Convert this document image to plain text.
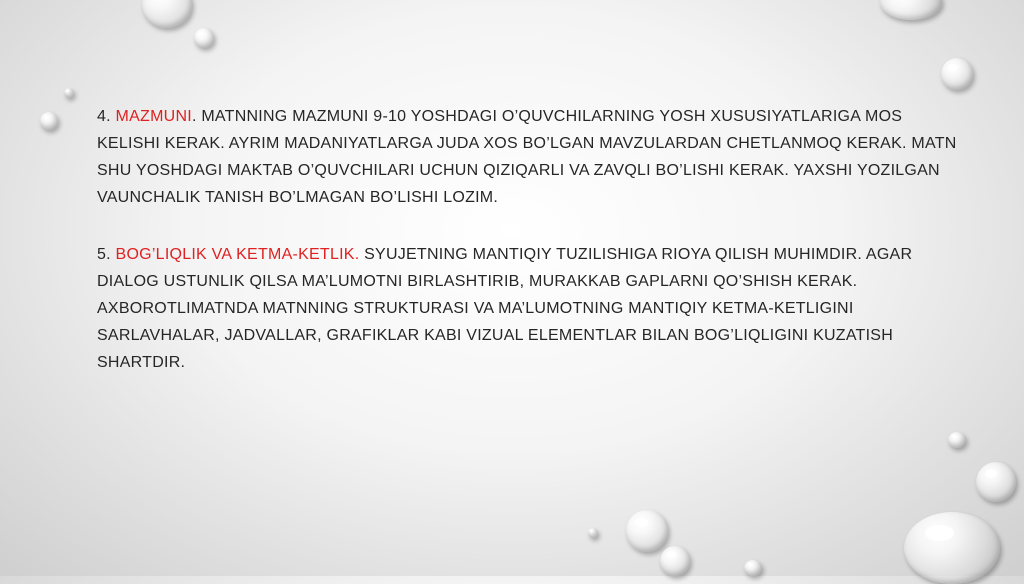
4. MAZMUNI. MATNNING MAZMUNI 9-10 YOSHDAGI O’QUVCHILARNING YOSH XUSUSIYATLARIGA MOS KELISHI KERAK. AYRIM MADANIYATLARGA JUDA XOS BO’LGAN MAVZULARDAN CHETLANMOQ KERAK. MATN SHU YOSHDAGI MAKTAB O’QUVCHILARI UCHUN QIZIQARLI VA ZAVQLI BO’LISHI KERAK. YAXSHI YOZILGAN VAUNCHALIK TANISH BO’LMAGAN BO’LISHI LOZIM.

5. BOG’LIQLIK VA KETMA-KETLIK. SYUJETNING MANTIQIY TUZILISHIGA RIOYA QILISH MUHIMDIR. AGAR DIALOG USTUNLIK QILSA MA’LUMOTNI BIRLASHTIRIB, MURAKKAB GAPLARNI QO’SHISH KERAK. AXBOROTLIMATNDA MATNNING STRUKTURASI VA MA’LUMOTNING MANTIQIY KETMA-KETLIGINI SARLAVHALAR, JADVALLAR, GRAFIKLAR KABI VIZUAL ELEMENTLAR BILAN BOG’LIQLIGINI KUZATISH SHARTDIR.
